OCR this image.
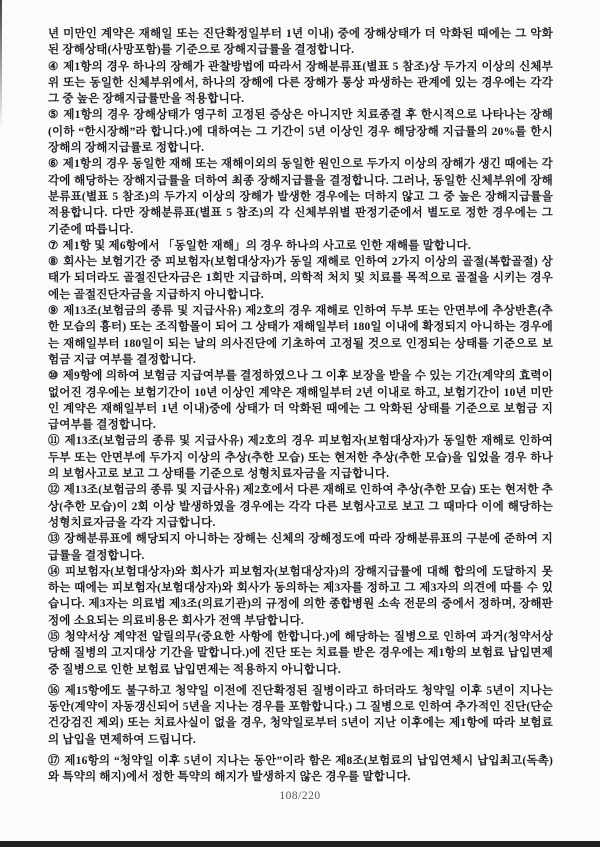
년 미만인 계약은 재해일 또는 진단확정일부터 1년 이내) 중에 장해상태가 더 악화된 때에는 그 악화된 장해상태(사망포함)를 기준으로 장해지급률을 결정합니다.

④ 제1항의 경우 하나의 장해가 관찰방법에 따라서 장해분류표(별표 5 참조)상 두가지 이상의 신체부위 또는 동일한 신체부위에서, 하나의 장해에 다른 장해가 통상 파생하는 관계에 있는 경우에는 각각 그 중 높은 장해지급률만을 적용합니다.

⑤ 제1항의 경우 장해상태가 영구히 고정된 증상은 아니지만 치료종결 후 한시적으로 나타나는 장해(이하 “한시장해”라 합니다.)에 대하여는 그 기간이 5년 이상인 경우 해당장해 지급률의 20%를 한시장해의 장해지급률로 정합니다.

⑥ 제1항의 경우 동일한 재해 또는 재해이외의 동일한 원인으로 두가지 이상의 장해가 생긴 때에는 각각에 해당하는 장해지급률을 더하여 최종 장해지급률을 결정합니다. 그러나, 동일한 신체부위에 장해분류표(별표 5 참조)의 두가지 이상의 장해가 발생한 경우에는 더하지 않고 그 중 높은 장해지급률을 적용합니다. 다만 장해분류표(별표 5 참조)의 각 신체부위별 판정기준에서 별도로 정한 경우에는 그 기준에 따릅니다.

⑦ 제1항 및 제6항에서 「동일한 재해」의 경우 하나의 사고로 인한 재해를 말합니다.

⑧ 회사는 보험기간 중 피보험자(보험대상자)가 동일 재해로 인하여 2가지 이상의 골절(복합골절) 상태가 되더라도 골절진단자금은 1회만 지급하며, 의학적 처치 및 치료를 목적으로 골절을 시키는 경우에는 골절진단자금을 지급하지 아니합니다.

⑨ 제13조(보험금의 종류 및 지급사유) 제2호의 경우 재해로 인하여 두부 또는 안면부에 추상반흔(추한 모습의 흉터) 또는 조직함몰이 되어 그 상태가 재해일부터 180일 이내에 확정되지 아니하는 경우에는 재해일부터 180일이 되는 날의 의사진단에 기초하여 고정될 것으로 인정되는 상태를 기준으로 보험금 지급 여부를 결정합니다.

⑩ 제9항에 의하여 보험금 지급여부를 결정하였으나 그 이후 보장을 받을 수 있는 기간(계약의 효력이 없어진 경우에는 보험기간이 10년 이상인 계약은 재해일부터 2년 이내로 하고, 보험기간이 10년 미만인 계약은 재해일부터 1년 이내)중에 상태가 더 악화된 때에는 그 악화된 상태를 기준으로 보험금 지급여부를 결정합니다.

⑪ 제13조(보험금의 종류 및 지급사유) 제2호의 경우 피보험자(보험대상자)가 동일한 재해로 인하여 두부 또는 안면부에 두가지 이상의 추상(추한 모습) 또는 현저한 추상(추한 모습)을 입었을 경우 하나의 보험사고로 보고 그 상태를 기준으로 성형치료자금을 지급합니다.

⑫ 제13조(보험금의 종류 및 지급사유) 제2호에서 다른 재해로 인하여 추상(추한 모습) 또는 현저한 추상(추한 모습)이 2회 이상 발생하였을 경우에는 각각 다른 보험사고로 보고 그 때마다 이에 해당하는 성형치료자금을 각각 지급합니다.

⑬ 장해분류표에 해당되지 아니하는 장해는 신체의 장해정도에 따라 장해분류표의 구분에 준하여 지급률을 결정합니다.

⑭ 피보험자(보험대상자)와 회사가 피보험자(보험대상자)의 장해지급률에 대해 합의에 도달하지 못하는 때에는 피보험자(보험대상자)와 회사가 동의하는 제3자를 정하고 그 제3자의 의견에 따를 수 있습니다. 제3자는 의료법 제3조(의료기관)의 규정에 의한 종합병원 소속 전문의 중에서 정하며, 장해판정에 소요되는 의료비용은 회사가 전액 부담합니다.

⑮ 청약서상 계약전 알릴의무(중요한 사항에 한합니다.)에 해당하는 질병으로 인하여 과거(청약서상 당해 질병의 고지대상 기간을 말합니다.)에 진단 또는 치료를 받은 경우에는 제1항의 보험료 납입면제 중 질병으로 인한 보험료 납입면제는 적용하지 아니합니다.

⑯ 제15항에도 불구하고 청약일 이전에 진단확정된 질병이라고 하더라도 청약일 이후 5년이 지나는 동안(계약이 자동갱신되어 5년을 지나는 경우를 포함합니다.) 그 질병으로 인하여 추가적인 진단(단순건강검진 제외) 또는 치료사실이 없을 경우, 청약일로부터 5년이 지난 이후에는 제1항에 따라 보험료의 납입을 면제하여 드립니다.

⑰ 제16항의 “청약일 이후 5년이 지나는 동안”이라 함은 제8조(보험료의 납입연체시 납입최고(독촉)와 특약의 해지)에서 정한 특약의 해지가 발생하지 않은 경우를 말합니다.

108/220
